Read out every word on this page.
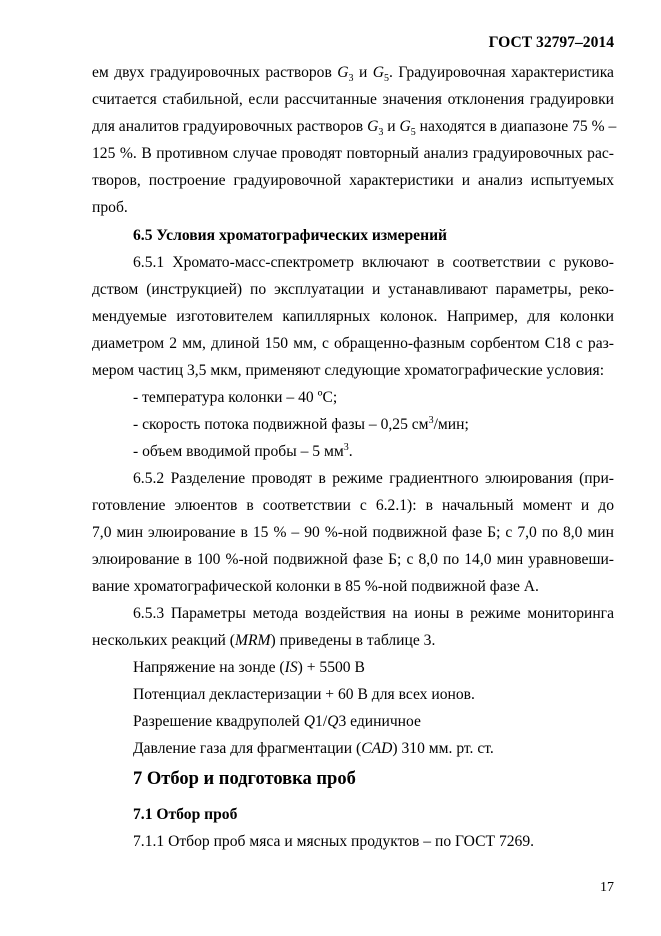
ГОСТ 32797–2014
ем двух градуировочных растворов $G_3$ и $G_5$. Градуировочная характеристика
считается стабильной, если рассчитанные значения отклонения градуировки
для аналитов градуировочных растворов $G_3$ и $G_5$ находятся в диапазоне 75 % –
125 %. В противном случае проводят повторный анализ градуировочных рас-
творов, построение градуировочной характеристики и анализ испытуемых
проб.
6.5 Условия хроматографических измерений
6.5.1 Хромато-масс-спектрометр включают в соответствии с руково-
дством (инструкцией) по эксплуатации и устанавливают параметры, реко-
мендуемые изготовителем капиллярных колонок. Например, для колонки
диаметром 2 мм, длиной 150 мм, с обращенно-фазным сорбентом C18 с раз-
мером частиц 3,5 мкм, применяют следующие хроматографические условия:
- температура колонки – 40 ºС;
- скорость потока подвижной фазы – 0,25 $см^3$/мин;
- объем вводимой пробы – 5 $мм^3$.
6.5.2 Разделение проводят в режиме градиентного элюирования (при-
готовление элюентов в соответствии с 6.2.1): в начальный момент и до
7,0 мин элюирование в 15 % – 90 %-ной подвижной фазе Б; с 7,0 по 8,0 мин
элюирование в 100 %-ной подвижной фазе Б; с 8,0 по 14,0 мин уравновеши-
вание хроматографической колонки в 85 %-ной подвижной фазе А.
6.5.3 Параметры метода воздействия на ионы в режиме мониторинга
нескольких реакций (MRM) приведены в таблице 3.
Напряжение на зонде (IS) + 5500 В
Потенциал декластеризации + 60 В для всех ионов.
Разрешение квадруполей Q1/Q3 единичное
Давление газа для фрагментации (CAD) 310 мм. рт. ст.
7 Отбор и подготовка проб
7.1 Отбор проб
7.1.1 Отбор проб мяса и мясных продуктов – по ГОСТ 7269.
17
